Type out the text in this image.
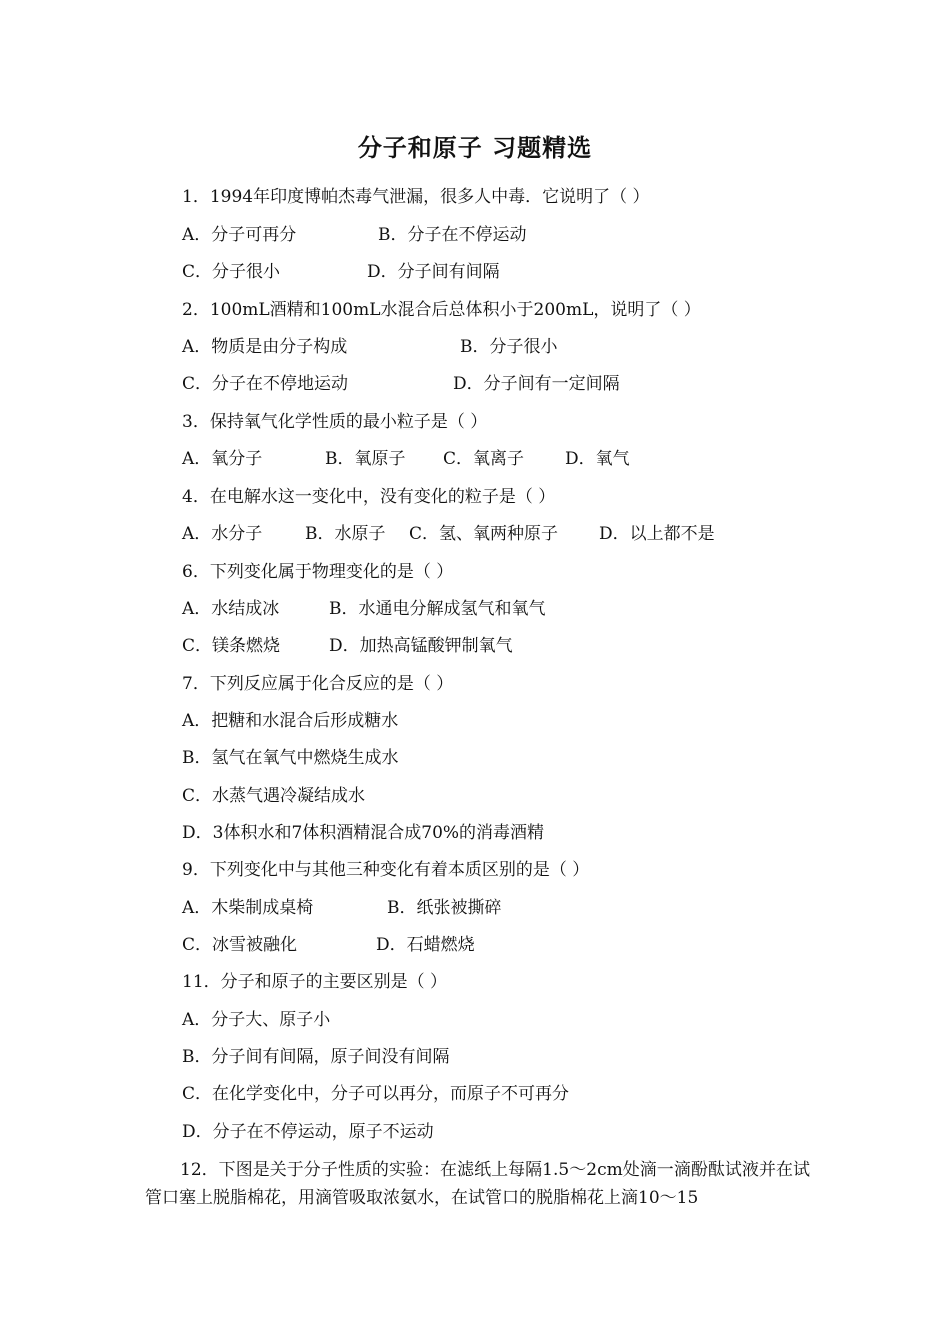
分子和原子 习题精选
1．1994年印度博帕杰毒气泄漏，很多人中毒．它说明了（ ）
A．分子可再分	B．分子在不停运动
C．分子很小	D．分子间有间隔
2．100mL酒精和100mL水混合后总体积小于200mL，说明了（ ）
A．物质是由分子构成	B．分子很小
C．分子在不停地运动	D．分子间有一定间隔
3．保持氧气化学性质的最小粒子是（ ）
A．氧分子	B．氧原子 C．氧离子 D．氧气
4．在电解水这一变化中，没有变化的粒子是（ ）
A．水分子	B．水原子 C．氢、氧两种原子 D．以上都不是
6．下列变化属于物理变化的是（ ）
A．水结成冰	B．水通电分解成氢气和氧气
C．镁条燃烧	D．加热高锰酸钾制氧气
7．下列反应属于化合反应的是（ ）
A．把糖和水混合后形成糖水
B．氢气在氧气中燃烧生成水
C．水蒸气遇冷凝结成水
D．3体积水和7体积酒精混合成70%的消毒酒精
9．下列变化中与其他三种变化有着本质区别的是（ ）
A．木柴制成桌椅	B．纸张被撕碎
C．冰雪被融化	D．石蜡燃烧
11．分子和原子的主要区别是（ ）
A．分子大、原子小
B．分子间有间隔，原子间没有间隔
C．在化学变化中，分子可以再分，而原子不可再分
D．分子在不停运动，原子不运动
12．下图是关于分子性质的实验：在滤纸上每隔1.5～2cm处滴一滴酚酞试液并在试管口塞上脱脂棉花，用滴管吸取浓氨水，在试管口的脱脂棉花上滴10～15
